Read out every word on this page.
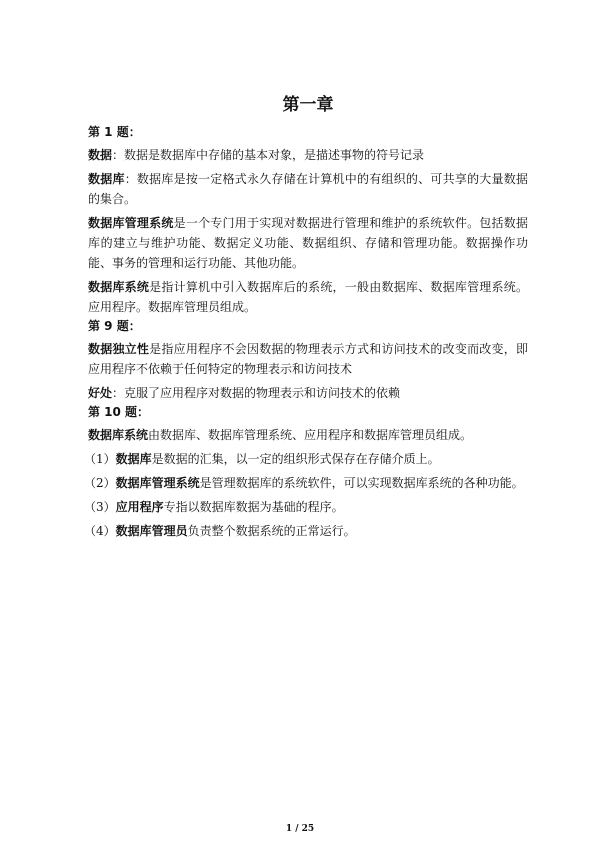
第一章
第 1 题：

数据：数据是数据库中存储的基本对象，是描述事物的符号记录

数据库：数据库是按一定格式永久存储在计算机中的有组织的、可共享的大量数据的集合。

数据库管理系统是一个专门用于实现对数据进行管理和维护的系统软件。包括数据库的建立与维护功能、数据定义功能、数据组织、存储和管理功能。数据操作功能、事务的管理和运行功能、其他功能。

数据库系统是指计算机中引入数据库后的系统，一般由数据库、数据库管理系统。应用程序。数据库管理员组成。

第 9 题：

数据独立性是指应用程序不会因数据的物理表示方式和访问技术的改变而改变，即应用程序不依赖于任何特定的物理表示和访问技术

好处：克服了应用程序对数据的物理表示和访问技术的依赖

第 10 题：

数据库系统由数据库、数据库管理系统、应用程序和数据库管理员组成。

（1）数据库是数据的汇集，以一定的组织形式保存在存储介质上。
（2）数据库管理系统是管理数据库的系统软件，可以实现数据库系统的各种功能。
（3）应用程序专指以数据库数据为基础的程序。
（4）数据库管理员负责整个数据系统的正常运行。
1 / 25
